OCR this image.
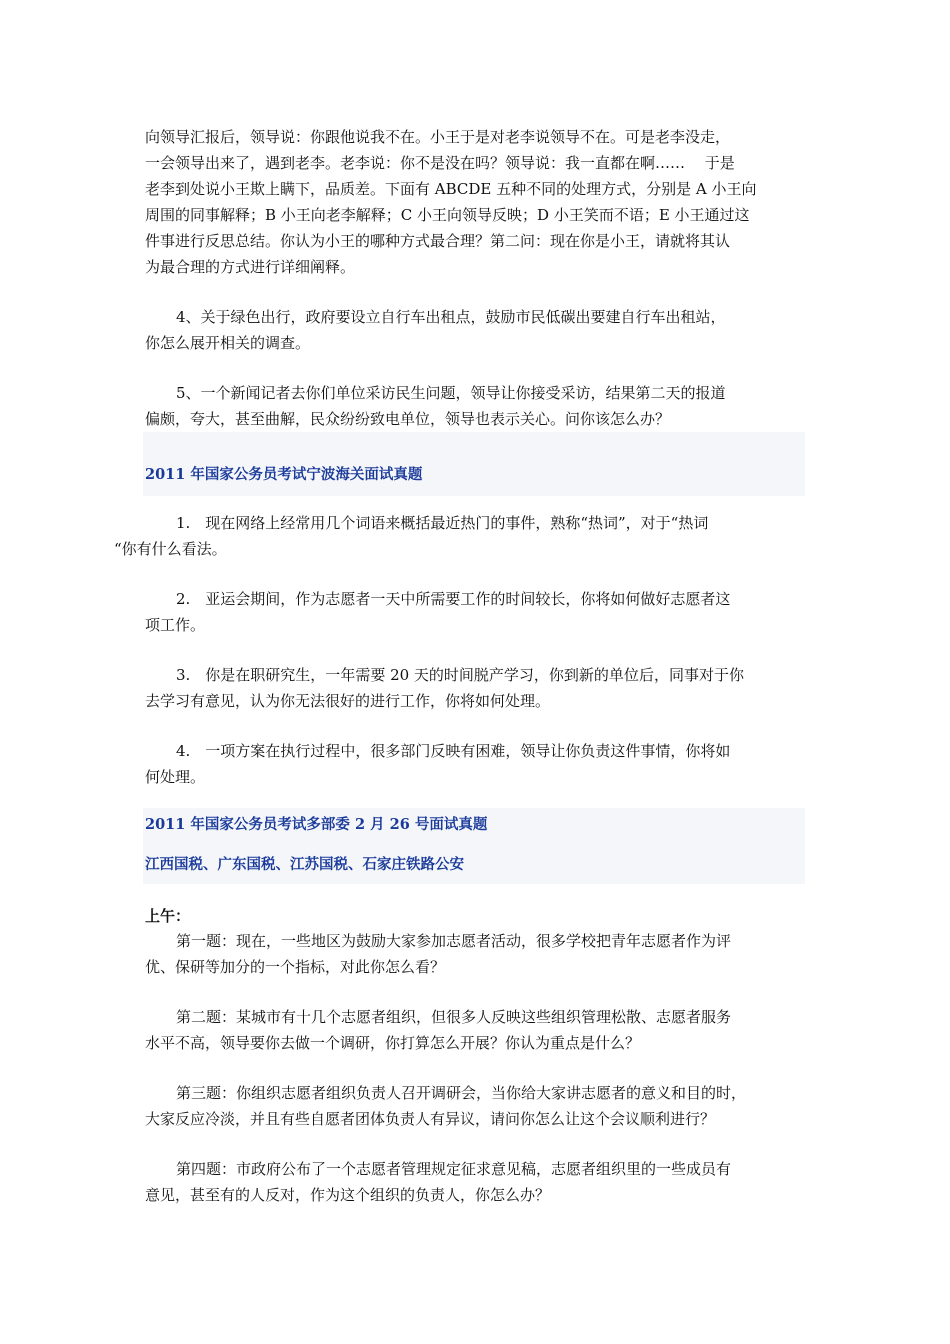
向领导汇报后，领导说：你跟他说我不在。小王于是对老李说领导不在。可是老李没走，
一会领导出来了，遇到老李。老李说：你不是没在吗？领导说：我一直都在啊……　 于是
老李到处说小王欺上瞒下，品质差。下面有 ABCDE 五种不同的处理方式，分别是 A 小王向
周围的同事解释；B 小王向老李解释；C 小王向领导反映；D 小王笑而不语；E 小王通过这
件事进行反思总结。你认为小王的哪种方式最合理？第二问：现在你是小王，请就将其认
为最合理的方式进行详细阐释。

4、关于绿色出行，政府要设立自行车出租点，鼓励市民低碳出要建自行车出租站，
你怎么展开相关的调查。

5、一个新闻记者去你们单位采访民生问题，领导让你接受采访，结果第二天的报道
偏颇，夸大，甚至曲解，民众纷纷致电单位，领导也表示关心。问你该怎么办？

2011 年国家公务员考试宁波海关面试真题

1.　现在网络上经常用几个词语来概括最近热门的事件，熟称“热词”，对于“热词
“你有什么看法。

2.　亚运会期间，作为志愿者一天中所需要工作的时间较长，你将如何做好志愿者这
项工作。

3.　你是在职研究生，一年需要 20 天的时间脱产学习，你到新的单位后，同事对于你
去学习有意见，认为你无法很好的进行工作，你将如何处理。

4.　一项方案在执行过程中，很多部门反映有困难，领导让你负责这件事情，你将如
何处理。

2011 年国家公务员考试多部委 2 月 26 号面试真题

江西国税、广东国税、江苏国税、石家庄铁路公安

上午：

第一题：现在，一些地区为鼓励大家参加志愿者活动，很多学校把青年志愿者作为评
优、保研等加分的一个指标，对此你怎么看？

第二题：某城市有十几个志愿者组织，但很多人反映这些组织管理松散、志愿者服务
水平不高，领导要你去做一个调研，你打算怎么开展？你认为重点是什么？

第三题：你组织志愿者组织负责人召开调研会，当你给大家讲志愿者的意义和目的时，
大家反应冷淡，并且有些自愿者团体负责人有异议，请问你怎么让这个会议顺利进行？

第四题：市政府公布了一个志愿者管理规定征求意见稿，志愿者组织里的一些成员有
意见，甚至有的人反对，作为这个组织的负责人，你怎么办？
